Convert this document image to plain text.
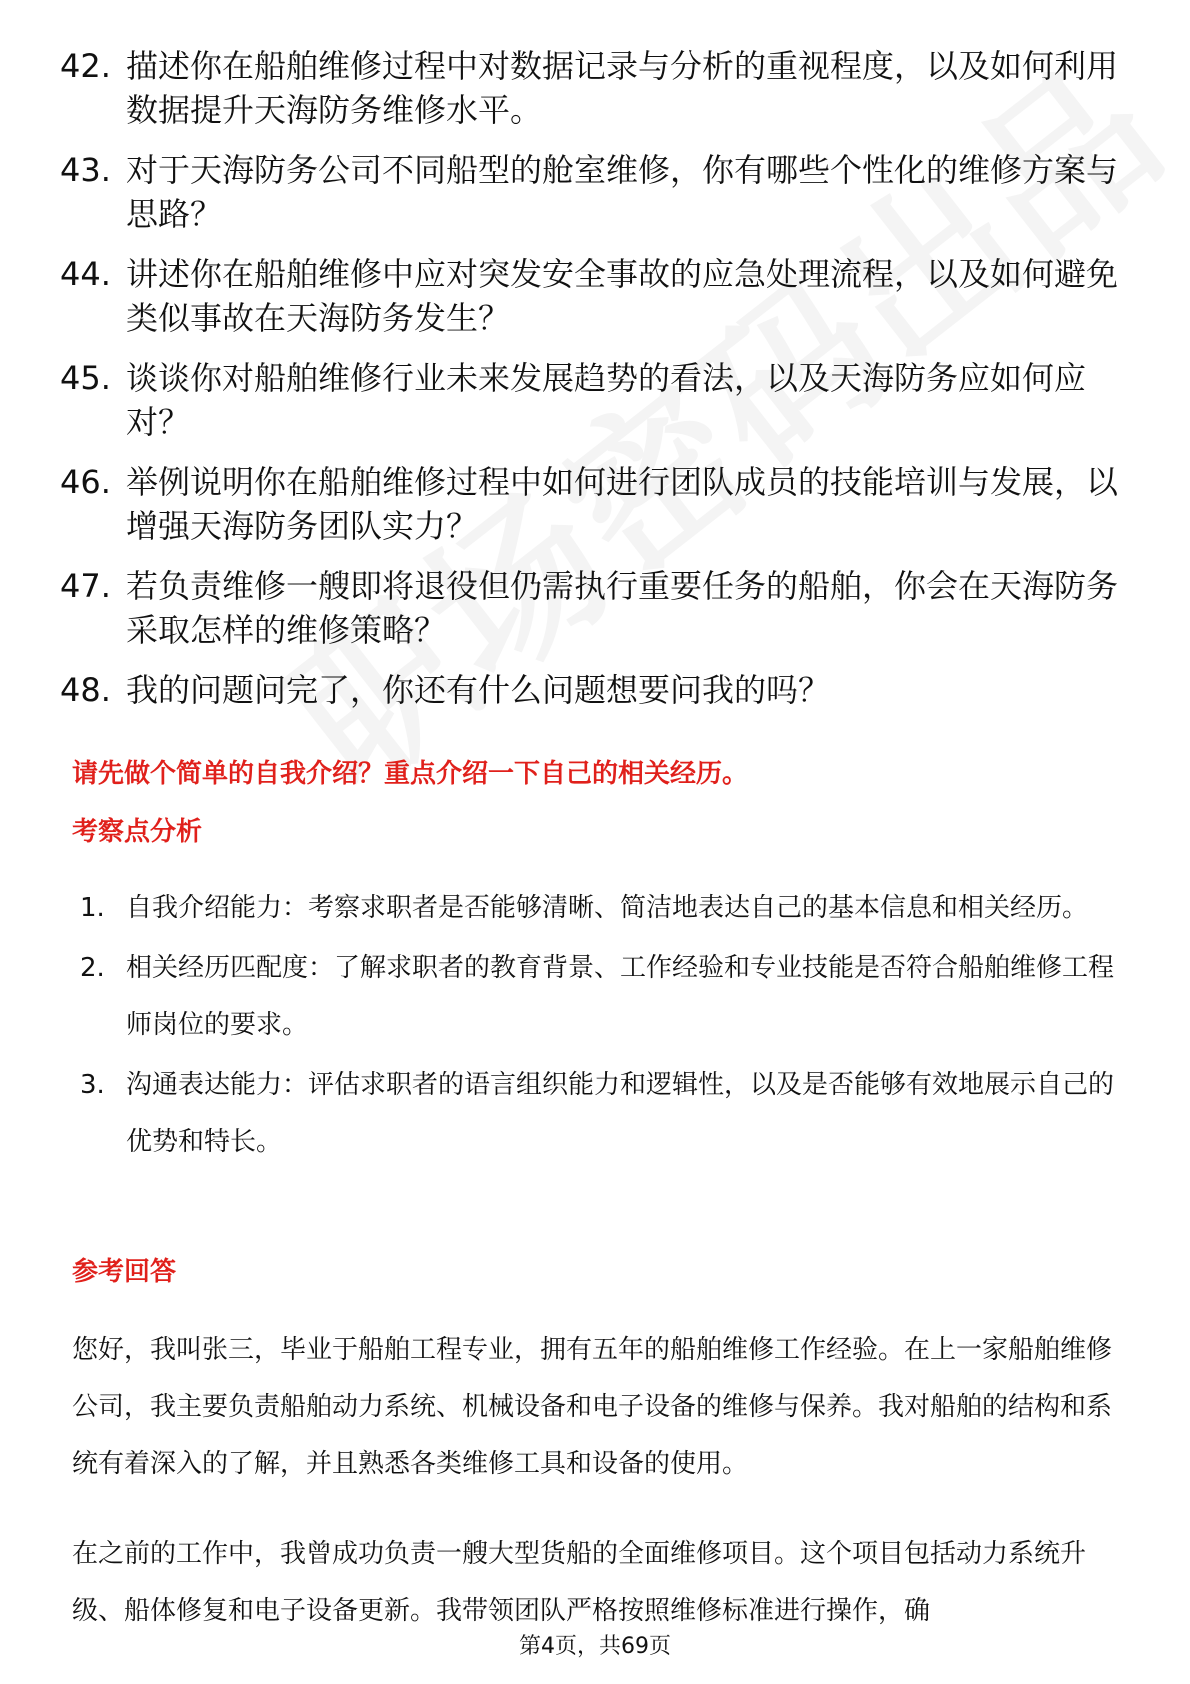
42. 描述你在船舶维修过程中对数据记录与分析的重视程度，以及如何利用数据提升天海防务维修水平。
43. 对于天海防务公司不同船型的舱室维修，你有哪些个性化的维修方案与思路？
44. 讲述你在船舶维修中应对突发安全事故的应急处理流程，以及如何避免类似事故在天海防务发生？
45. 谈谈你对船舶维修行业未来发展趋势的看法，以及天海防务应如何应对？
46. 举例说明你在船舶维修过程中如何进行团队成员的技能培训与发展，以增强天海防务团队实力？
47. 若负责维修一艘即将退役但仍需执行重要任务的船舶，你会在天海防务采取怎样的维修策略？
48. 我的问题问完了，你还有什么问题想要问我的吗？

请先做个简单的自我介绍？重点介绍一下自己的相关经历。

考察点分析

1. 自我介绍能力：考察求职者是否能够清晰、简洁地表达自己的基本信息和相关经历。
2. 相关经历匹配度：了解求职者的教育背景、工作经验和专业技能是否符合船舶维修工程师岗位的要求。
3. 沟通表达能力：评估求职者的语言组织能力和逻辑性，以及是否能够有效地展示自己的优势和特长。

参考回答

您好，我叫张三，毕业于船舶工程专业，拥有五年的船舶维修工作经验。在上一家船舶维修公司，我主要负责船舶动力系统、机械设备和电子设备的维修与保养。我对船舶的结构和系统有着深入的了解，并且熟悉各类维修工具和设备的使用。

在之前的工作中，我曾成功负责一艘大型货船的全面维修项目。这个项目包括动力系统升级、船体修复和电子设备更新。我带领团队严格按照维修标准进行操作，确

第4页，共69页
